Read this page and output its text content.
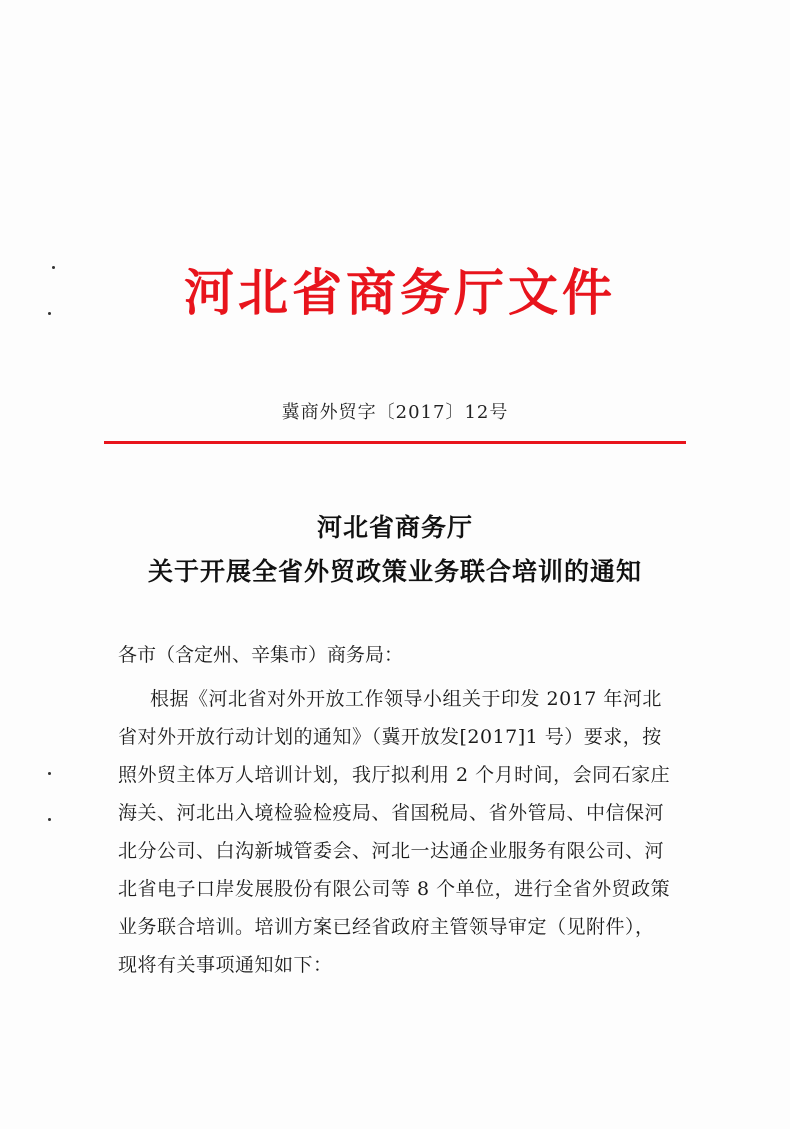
河北省商务厅文件
冀商外贸字〔2017〕12号
河北省商务厅
关于开展全省外贸政策业务联合培训的通知
各市（含定州、辛集市）商务局：
根据《河北省对外开放工作领导小组关于印发 2017 年河北
省对外开放行动计划的通知》（冀开放发[2017]1 号）要求，按
照外贸主体万人培训计划，我厅拟利用 2 个月时间，会同石家庄
海关、河北出入境检验检疫局、省国税局、省外管局、中信保河
北分公司、白沟新城管委会、河北一达通企业服务有限公司、河
北省电子口岸发展股份有限公司等 8 个单位，进行全省外贸政策
业务联合培训。培训方案已经省政府主管领导审定（见附件），
现将有关事项通知如下：
